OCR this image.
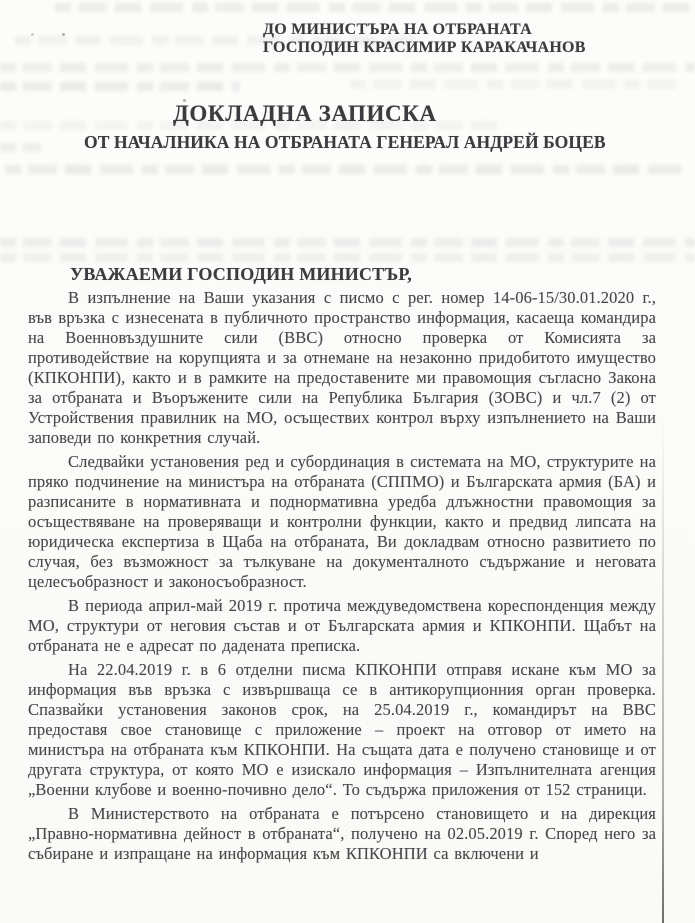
ДО МИНИСТЪРА НА ОТБРАНАТА
ГОСПОДИН КРАСИМИР КАРАКАЧАНОВ
ДОКЛАДНА ЗАПИСКА
ОТ НАЧАЛНИКА НА ОТБРАНАТА ГЕНЕРАЛ АНДРЕЙ БОЦЕВ
УВАЖАЕМИ ГОСПОДИН МИНИСТЪР,

В изпълнение на Ваши указания с писмо с рег. номер 14-06-15/30.01.2020 г., във връзка с изнесената в публичното пространство информация, касаеща командира на Военновъздушните сили (ВВС) относно проверка от Комисията за противодействие на корупцията и за отнемане на незаконно придобитото имущество (КПКОНПИ), както и в рамките на предоставените ми правомощия съгласно Закона за отбраната и Въоръжените сили на Република България (ЗОВС) и чл.7 (2) от Устройствения правилник на МО, осъществих контрол върху изпълнението на Ваши заповеди по конкретния случай.

Следвайки установения ред и субординация в системата на МО, структурите на пряко подчинение на министъра на отбраната (СППМО) и Българската армия (БА) и разписаните в нормативната и поднормативна уредба длъжностни правомощия за осъществяване на проверяващи и контролни функции, както и предвид липсата на юридическа експертиза в Щаба на отбраната, Ви докладвам относно развитието по случая, без възможност за тълкуване на документалното съдържание и неговата целесъобразност и законосъобразност.

В периода април-май 2019 г. протича междуведомствена кореспонденция между МО, структури от неговия състав и от Българската армия и КПКОНПИ. Щабът на отбраната не е адресат по дадената преписка.

На 22.04.2019 г. в 6 отделни писма КПКОНПИ отправя искане към МО за информация във връзка с извършваща се в антикорупционния орган проверка. Спазвайки установения законов срок, на 25.04.2019 г., командирът на ВВС предоставя свое становище с приложение – проект на отговор от името на министъра на отбраната към КПКОНПИ. На същата дата е получено становище и от другата структура, от която МО е изискало информация – Изпълнителната агенция „Военни клубове и военно-почивно дело“. То съдържа приложения от 152 страници.

В Министерството на отбраната е потърсено становището и на дирекция „Правно-нормативна дейност в отбраната“, получено на 02.05.2019 г. Според него за събиране и изпращане на информация към КПКОНПИ са включени и
